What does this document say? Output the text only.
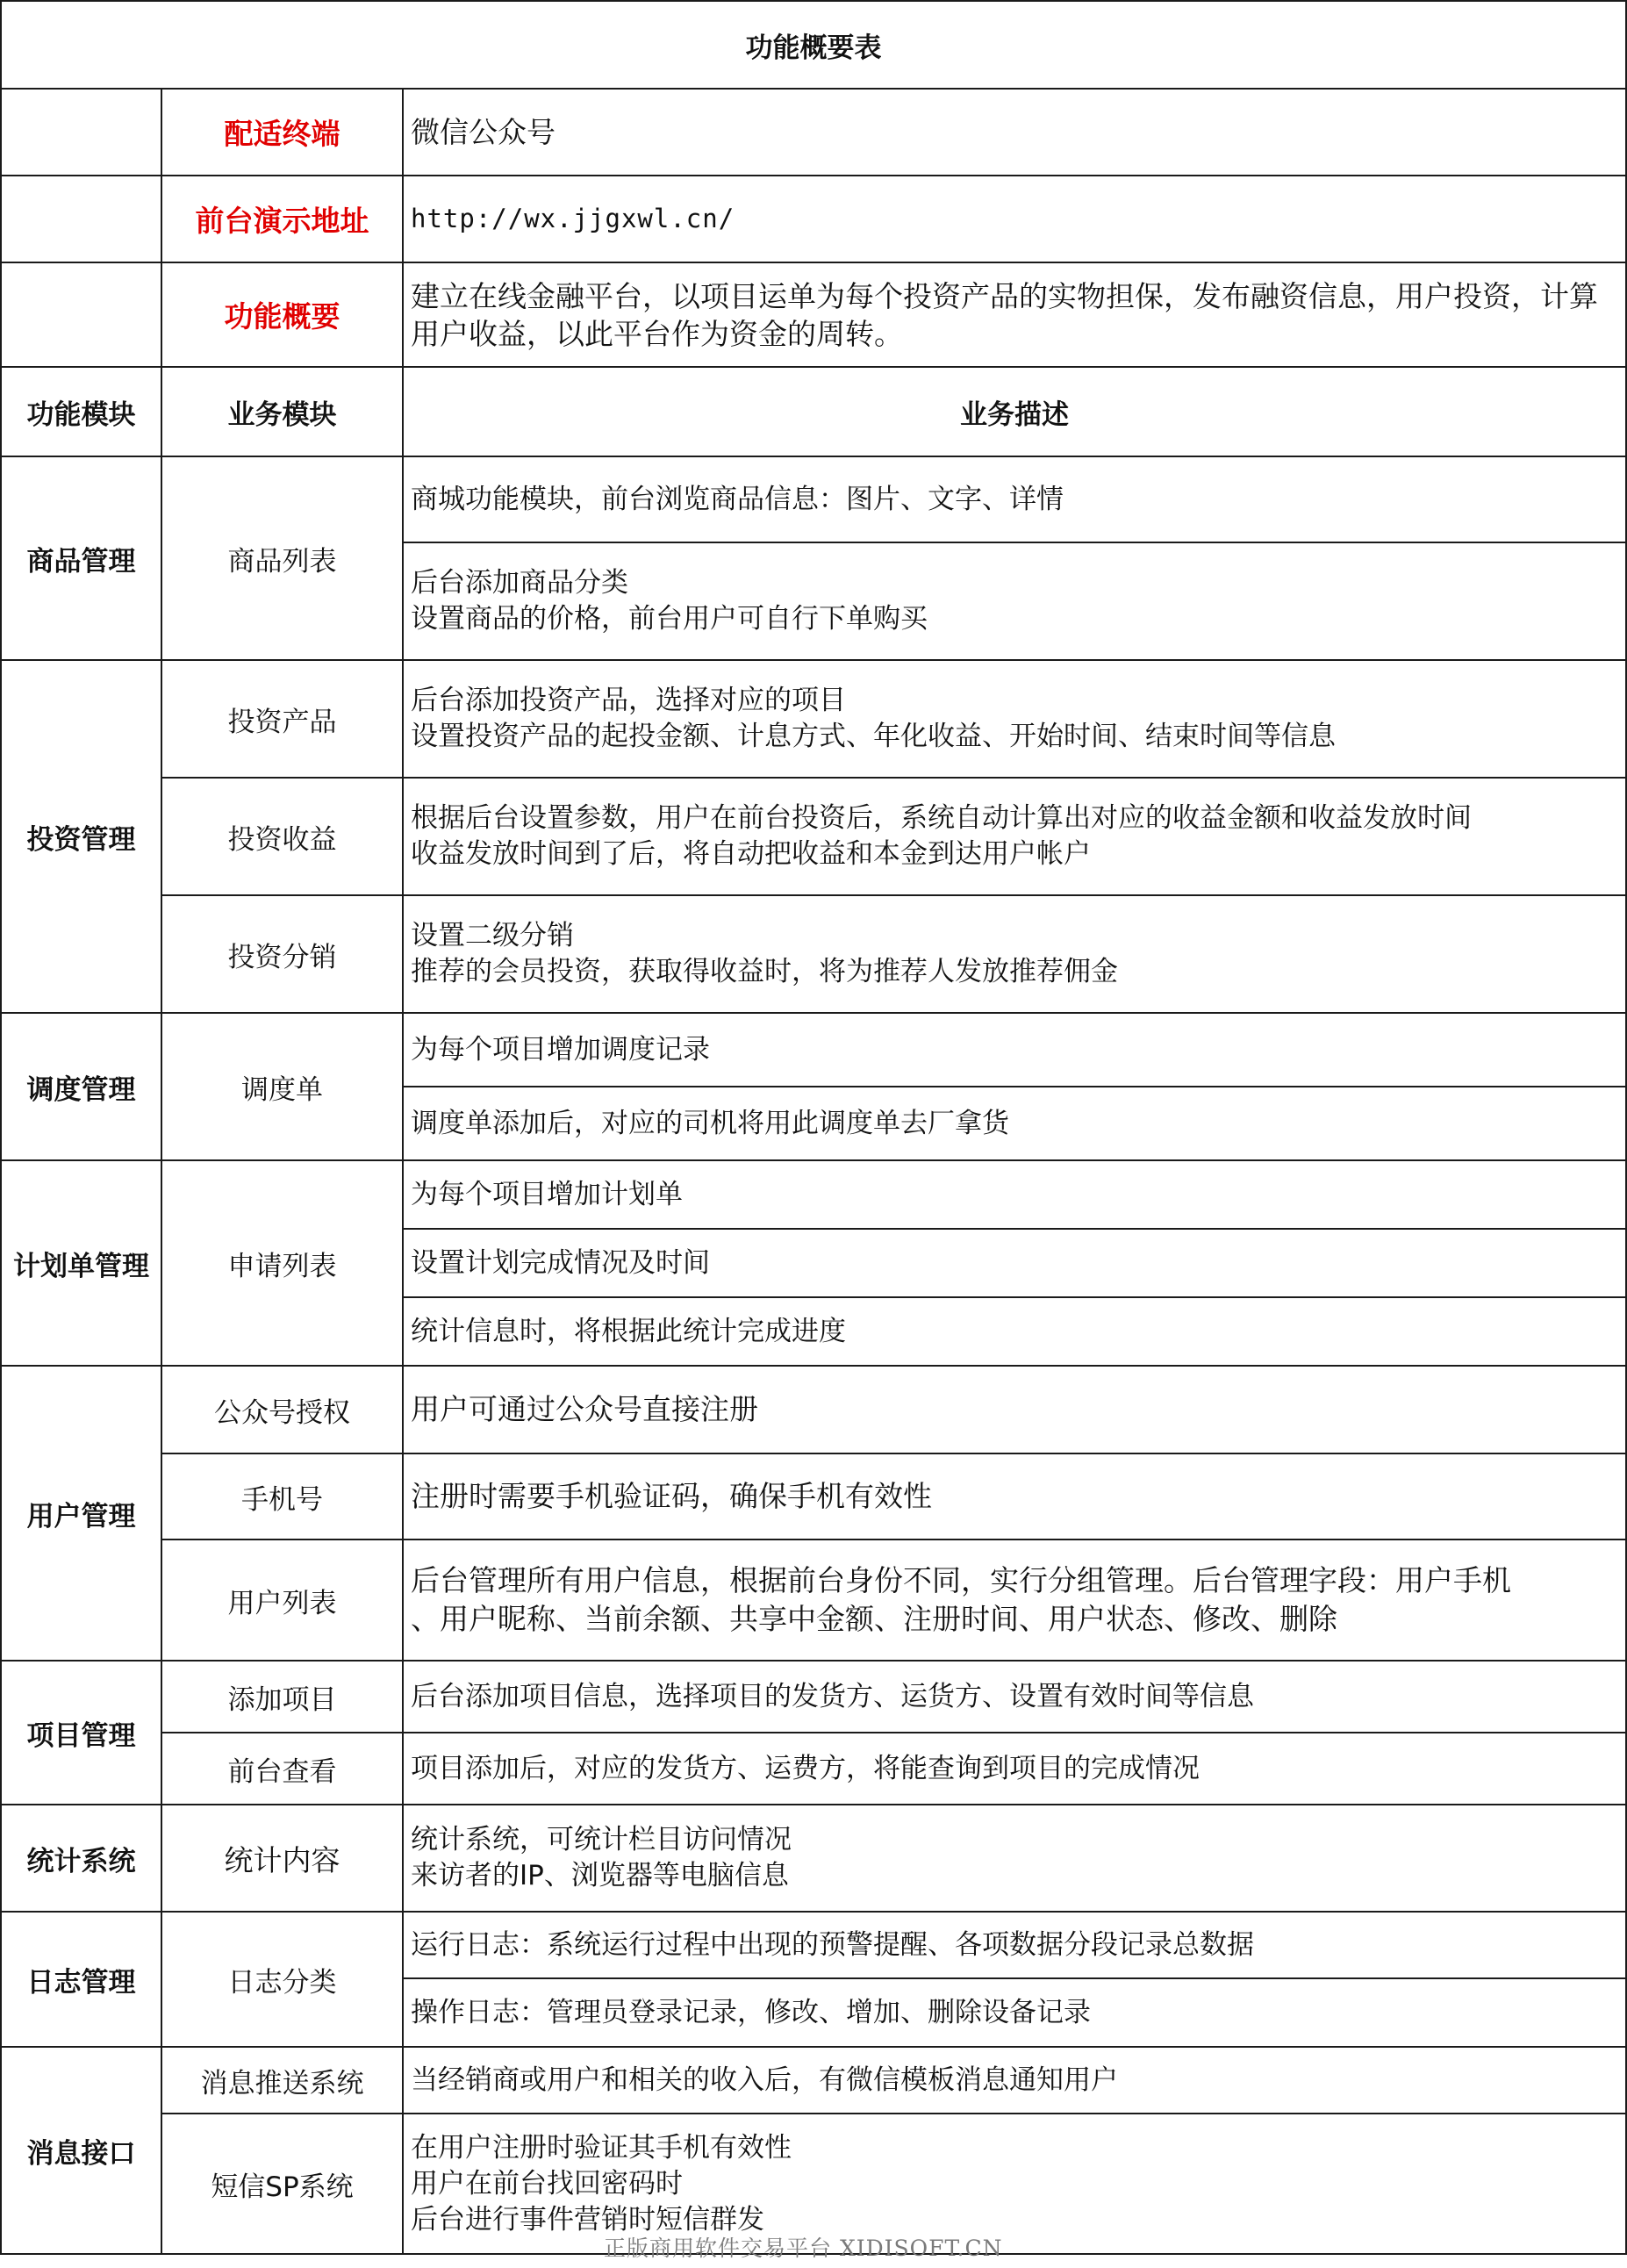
功能概要表		
	配适终端	微信公众号
	前台演示地址	http://wx.jjgxwl.cn/
	功能概要	建立在线金融平台，以项目运单为每个投资产品的实物担保，发布融资信息，用户投资，计算用户收益，以此平台作为资金的周转。
功能模块	业务模块	业务描述
商品管理	商品列表	商城功能模块，前台浏览商品信息：图片、文字、详情

		后台添加商品分类
设置商品的价格，前台用户可自行下单购买

投资管理	投资产品	后台添加投资产品，选择对应的项目
设置投资产品的起投金额、计息方式、年化收益、开始时间、结束时间等信息

	投资收益	根据后台设置参数，用户在前台投资后，系统自动计算出对应的收益金额和收益发放时间
收益发放时间到了后，将自动把收益和本金到达用户帐户

	投资分销	设置二级分销
推荐的会员投资，获取得收益时，将为推荐人发放推荐佣金

调度管理	调度单	为每个项目增加调度记录

		调度单添加后，对应的司机将用此调度单去厂拿货

计划单管理	申请列表	为每个项目增加计划单

		设置计划完成情况及时间

		统计信息时，将根据此统计完成进度

用户管理	公众号授权	用户可通过公众号直接注册

	手机号	注册时需要手机验证码，确保手机有效性

	用户列表	后台管理所有用户信息，根据前台身份不同，实行分组管理。后台管理字段：用户手机
、用户昵称、当前余额、共享中金额、注册时间、用户状态、修改、删除

项目管理	添加项目	后台添加项目信息，选择项目的发货方、运货方、设置有效时间等信息

	前台查看	项目添加后，对应的发货方、运费方，将能查询到项目的完成情况

统计系统	统计内容	统计系统，可统计栏目访问情况
来访者的IP、浏览器等电脑信息

日志管理	日志分类	运行日志：系统运行过程中出现的预警提醒、各项数据分段记录总数据

		操作日志：管理员登录记录，修改、增加、删除设备记录

消息接口	消息推送系统	当经销商或用户和相关的收入后，有微信模板消息通知用户

	短信SP系统	在用户注册时验证其手机有效性
用户在前台找回密码时
后台进行事件营销时短信群发
正版商用软件交易平台 XIDISOFT.CN
